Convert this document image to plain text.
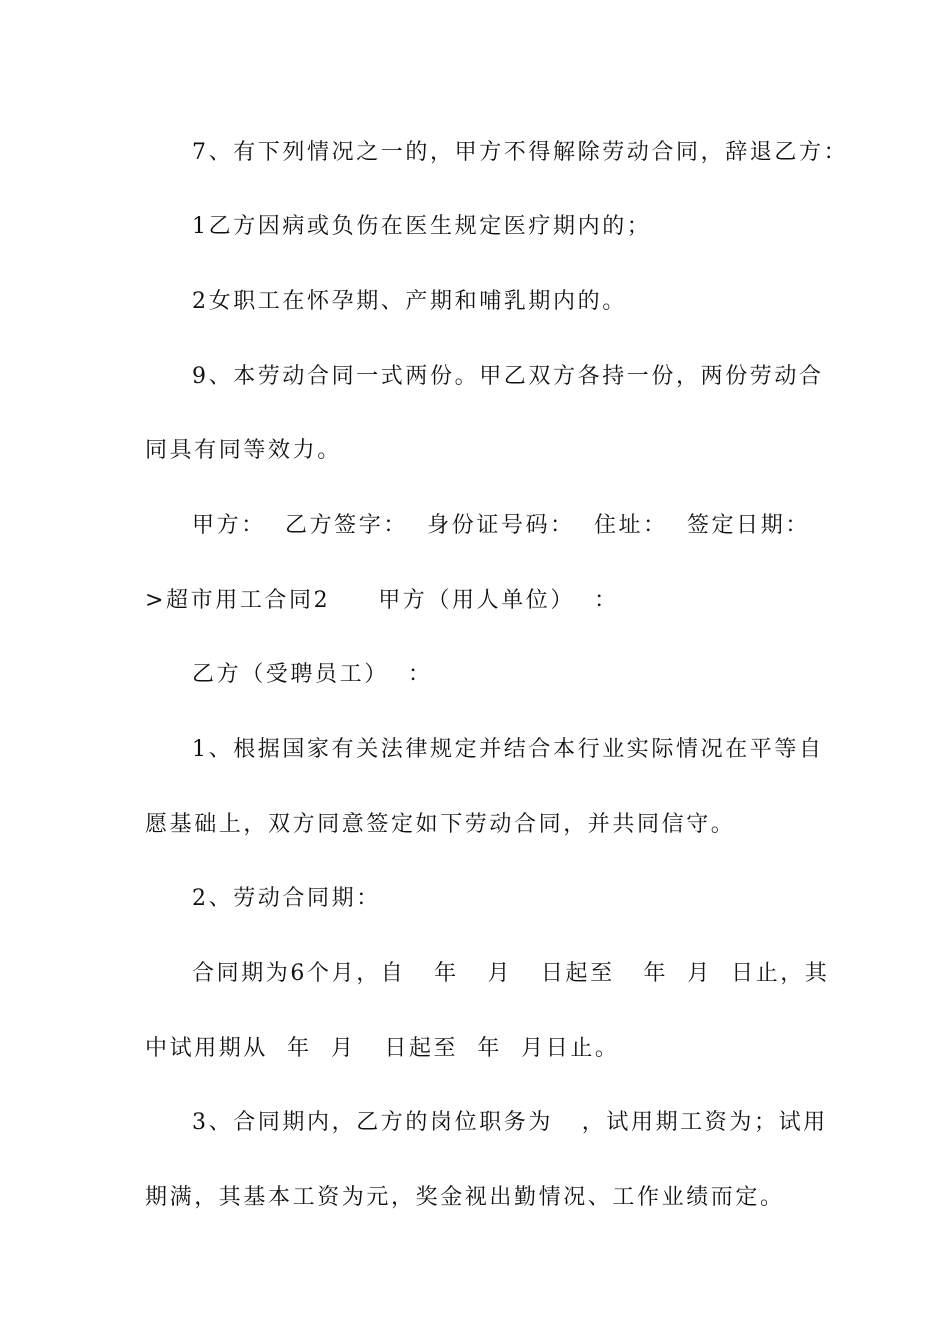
7、有下列情况之一的，甲方不得解除劳动合同，辞退乙方：
1乙方因病或负伤在医生规定医疗期内的；
2女职工在怀孕期、产期和哺乳期内的。
9、本劳动合同一式两份。甲乙双方各持一份，两份劳动合
同具有同等效力。
甲方：  乙方签字：  身份证号码：  住址：  签定日期：
>超市用工合同2     甲方（用人单位）  ：
乙方（受聘员工）  ：
1、根据国家有关法律规定并结合本行业实际情况在平等自
愿基础上，双方同意签定如下劳动合同，并共同信守。
2、劳动合同期：
合同期为6个月，自   年   月   日起至   年  月  日止，其
中试用期从  年  月   日起至  年  月日止。
3、合同期内，乙方的岗位职务为   ，试用期工资为；试用
期满，其基本工资为元，奖金视出勤情况、工作业绩而定。
